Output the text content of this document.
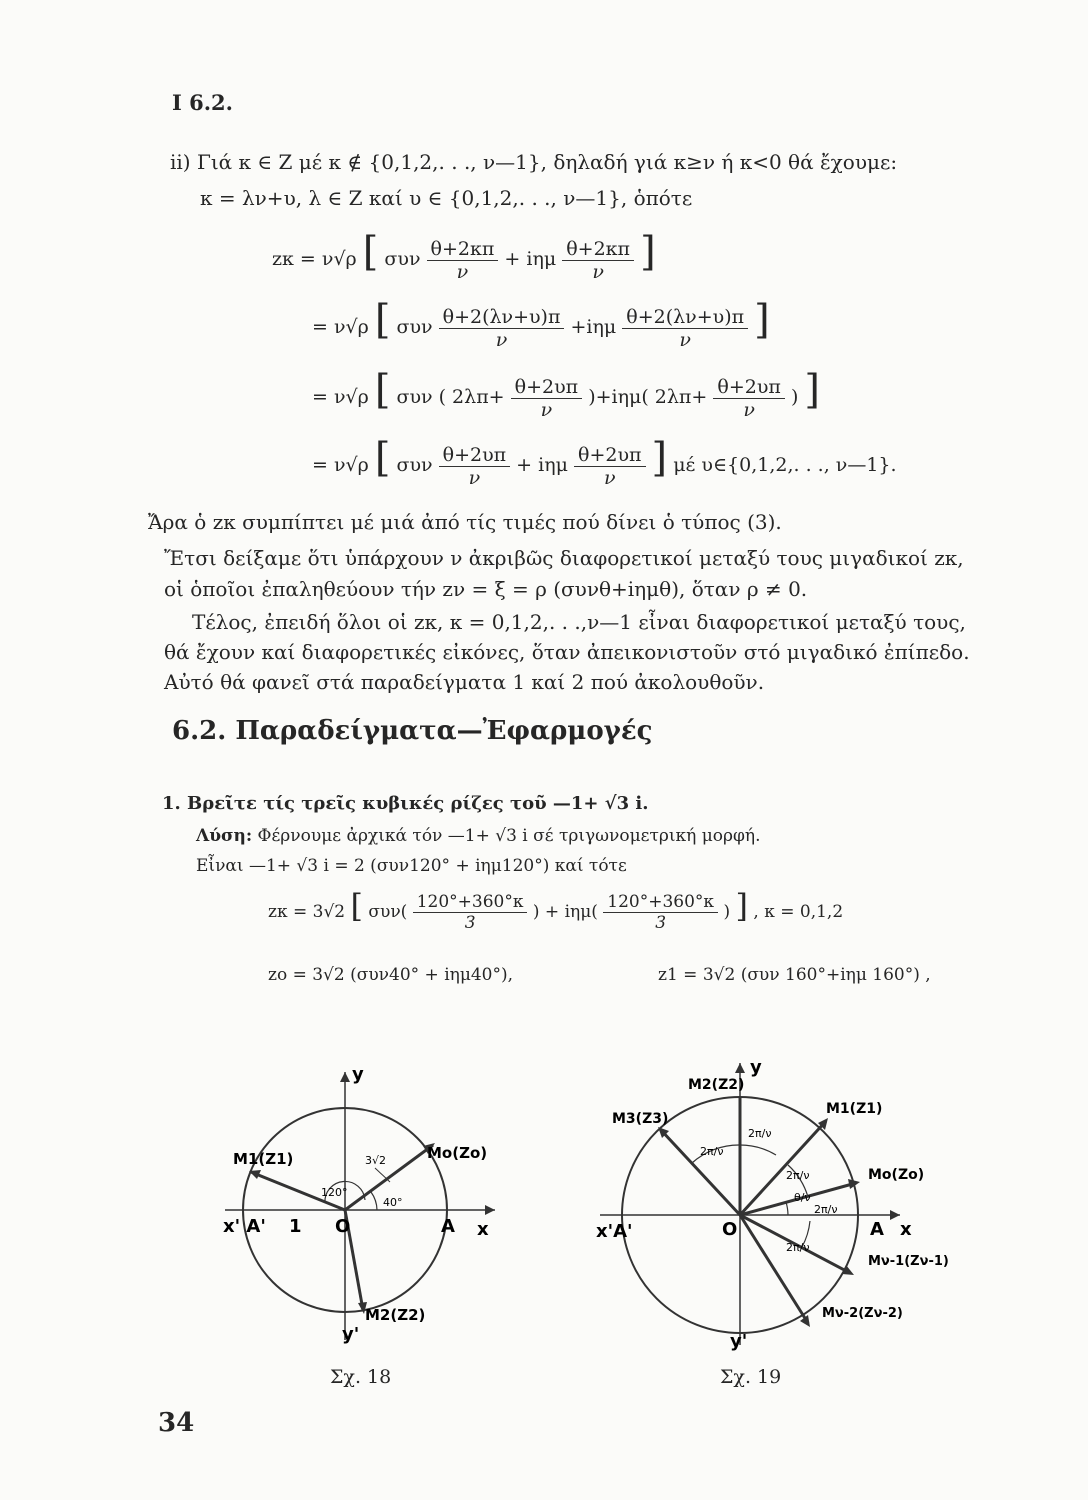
I 6.2.
ii) Γιά κ ∈ Z μέ κ ∉ {0,1,2,. . ., ν—1}, δηλαδή γιά κ≥ν ή κ<0 θά ἔχουμε:
κ = λν+υ, λ ∈ Z καί υ ∈ {0,1,2,. . ., ν—1}, ὁπότε
zκ = ν√ρ [ συν $\frac{\theta+2\kappa\pi}{\nu} + i\eta\mu \frac{\theta+2\kappa\pi}{\nu}$ ]
= ν√ρ [ συν $\frac{\theta+2(\lambda\nu+\upsilon)\pi}{\nu} +i\eta\mu \frac{\theta+2(\lambda\nu+\upsilon)\pi}{\nu}$ ]
= ν√ρ [ συν ( $2\lambda\pi+ \frac{\theta+2\upsilon\pi}{\nu} )+i\eta\mu$( $2\lambda\pi+ \frac{\theta+2\upsilon\pi}{\nu}$ ) ]
= ν√ρ [ συν $\frac{\theta+2\upsilon\pi}{\nu} + i\eta\mu \frac{\theta+2\upsilon\pi}{\nu}$ ] μέ υ∈{0,1,2,. . ., ν—1}.
Ἄρα ὁ zκ συμπίπτει μέ μιά ἀπό τίς τιμές πού δίνει ὁ τύπος (3).
Ἔτσι δείξαμε ὅτι ὑπάρχουν ν ἀκριβῶς διαφορετικοί μεταξύ τους μιγαδικοί zκ,
οἱ ὁποῖοι ἐπαληθεύουν τήν zν = ξ = ρ (συνθ+iημθ), ὅταν ρ ≠ 0.
Τέλος, ἐπειδή ὅλοι οἱ zκ, κ = 0,1,2,. . .,ν—1 εἶναι διαφορετικοί μεταξύ τους,
θά ἔχουν καί διαφορετικές εἰκόνες, ὅταν ἀπεικονιστοῦν στό μιγαδικό ἐπίπεδο.
Αὐτό θά φανεῖ στά παραδείγματα 1 καί 2 πού ἀκολουθοῦν.
6.2. Παραδείγματα—Ἐφαρμογές
1. Βρεῖτε τίς τρεῖς κυβικές ρίζες τοῦ —1+ √3 i.
Λύση: Φέρνουμε ἀρχικά τόν —1+ √3 i σέ τριγωνομετρική μορφή.
Εἶναι —1+ √3 i = 2 (συν120° + iημ120°) καί τότε
zκ = 3√2 [ $\sigma\upsilon\nu( \frac{120^\circ+360^\circ\kappa}{3}$ ) + $i\eta\mu( \frac{120^\circ+360^\circ\kappa}{3}$ ) ] , κ = 0,1,2
zo = 3√2 (συν40° + iημ40°),	z1 = 3√2 (συν 160°+iημ 160°) ,
y
y'
x
x' A' 1 O	A
Mo(Zo)
M1(Z1)
M2(Z2)
120°
40°
3√2
Σχ. 18
y
y'
x
x'A'	O	A
Mo(Zo)
M1(Z1)
M2(Z2)
M3(Z3)
Mν-1(Zν-1)
Mν-2(Zν-2)
2π/ν
2π/ν
2π/ν
2π/ν
2π/ν
θ/ν
Σχ. 19
34
